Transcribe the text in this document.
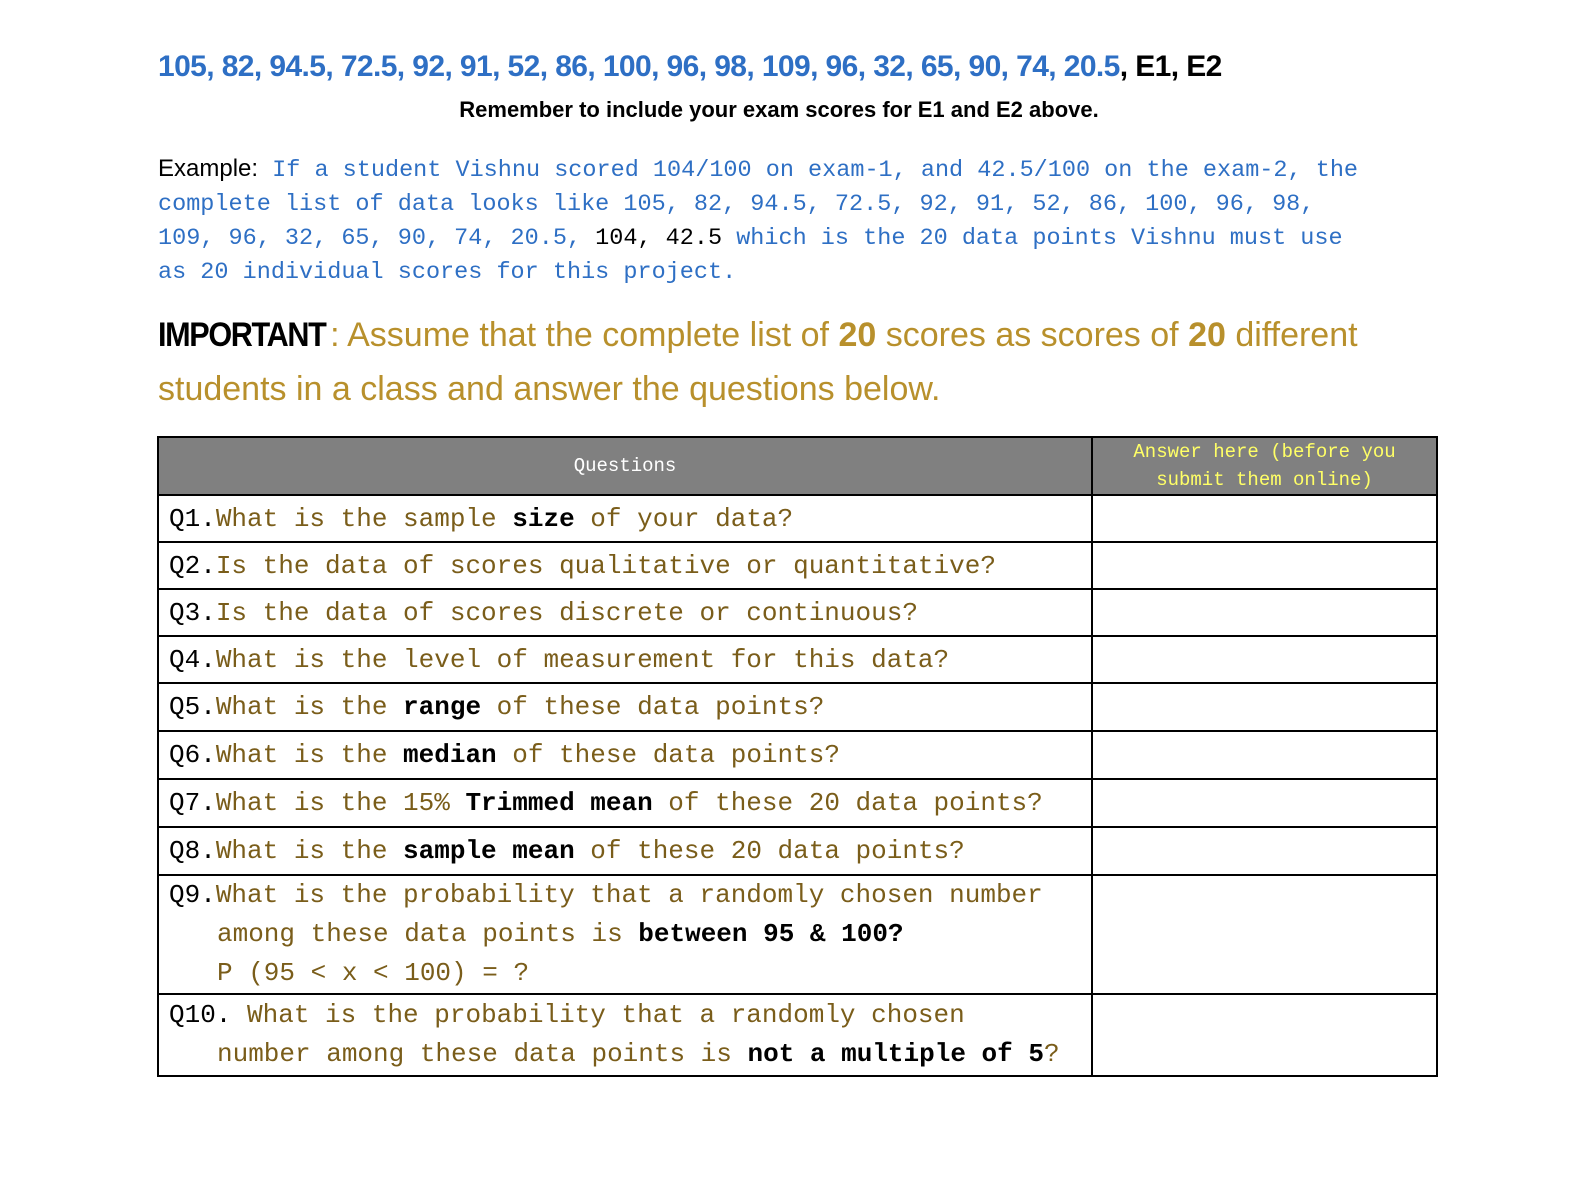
105, 82, 94.5, 72.5, 92, 91, 52, 86, 100, 96, 98, 109, 96, 32, 65, 90, 74, 20.5, E1, E2
Remember to include your exam scores for E1 and E2 above.
Example: If a student Vishnu scored 104/100 on exam-1, and 42.5/100 on the exam-2, the
complete list of data looks like 105, 82, 94.5, 72.5, 92, 91, 52, 86, 100, 96, 98,
109, 96, 32, 65, 90, 74, 20.5, 104, 42.5 which is the 20 data points Vishnu must use
as 20 individual scores for this project.
IMPORTANT : Assume that the complete list of 20 scores as scores of 20 different students in a class and answer the questions below.
Questions	Answer here (before you
submit them online)
Q1.What is the sample size of your data?	
Q2.Is the data of scores qualitative or quantitative?	
Q3.Is the data of scores discrete or continuous?	
Q4.What is the level of measurement for this data?	
Q5.What is the range of these data points?	
Q6.What is the median of these data points?	
Q7.What is the 15% Trimmed mean of these 20 data points?	
Q8.What is the sample mean of these 20 data points?	
Q9.What is the probability that a randomly chosen number
among these data points is between 95 & 100?
P (95 < x < 100) = ?	

Q10. What is the probability that a randomly chosen
number among these data points is not a multiple of 5?	
